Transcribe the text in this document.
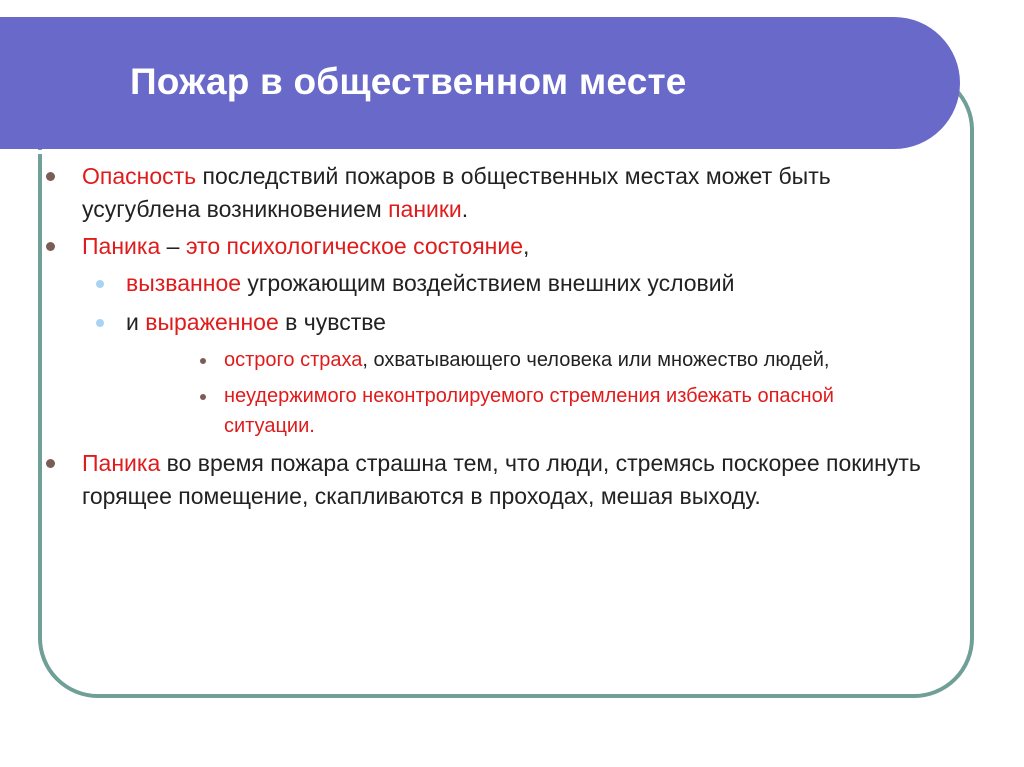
Пожар в общественном месте
Опасность последствий пожаров в общественных местах может быть усугублена возникновением паники.
Паника – это психологическое состояние,
вызванное угрожающим воздействием внешних условий
и выраженное в чувстве
острого страха, охватывающего человека или множество людей,
неудержимого неконтролируемого стремления избежать опасной ситуации.
Паника во время пожара страшна тем, что люди, стремясь поскорее покинуть горящее помещение, скапливаются в проходах, мешая выходу.
